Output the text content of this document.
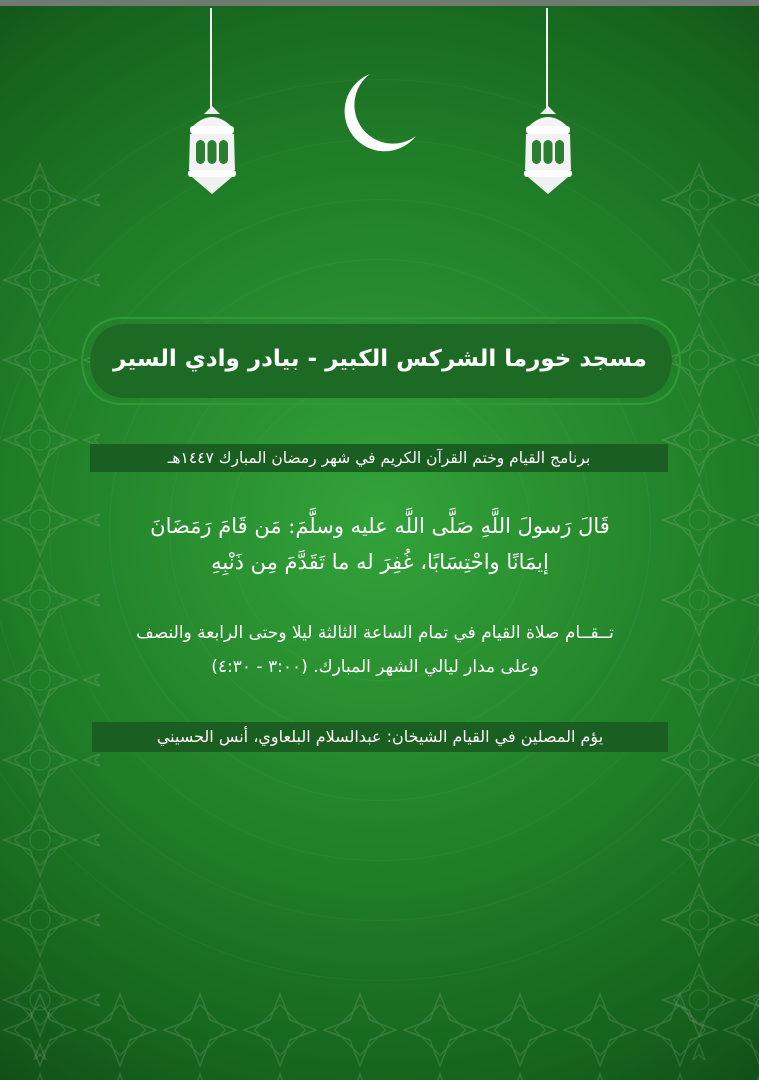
مسجد خورما الشركس الكبير - بيادر وادي السير
برنامج القيام وختم القرآن الكريم في شهر رمضان المبارك ١٤٤٧هـ
قَالَ رَسولَ اللَّهِ صَلَّى اللَّه عليه وسلَّمَ: مَن قَامَ رَمَضَانَ
إيمَانًا واحْتِسَابًا، غُفِرَ له ما تَقَدَّمَ مِن ذَنْبِهِ
تــقــام صلاة القيام في تمام الساعة الثالثة ليلا وحتى الرابعة والنصف
وعلى مدار ليالي الشهر المبارك. (٣:٠٠ - ٤:٣٠)
يؤم المصلين في القيام الشيخان: عبدالسلام البلعاوي، أنس الحسيني
